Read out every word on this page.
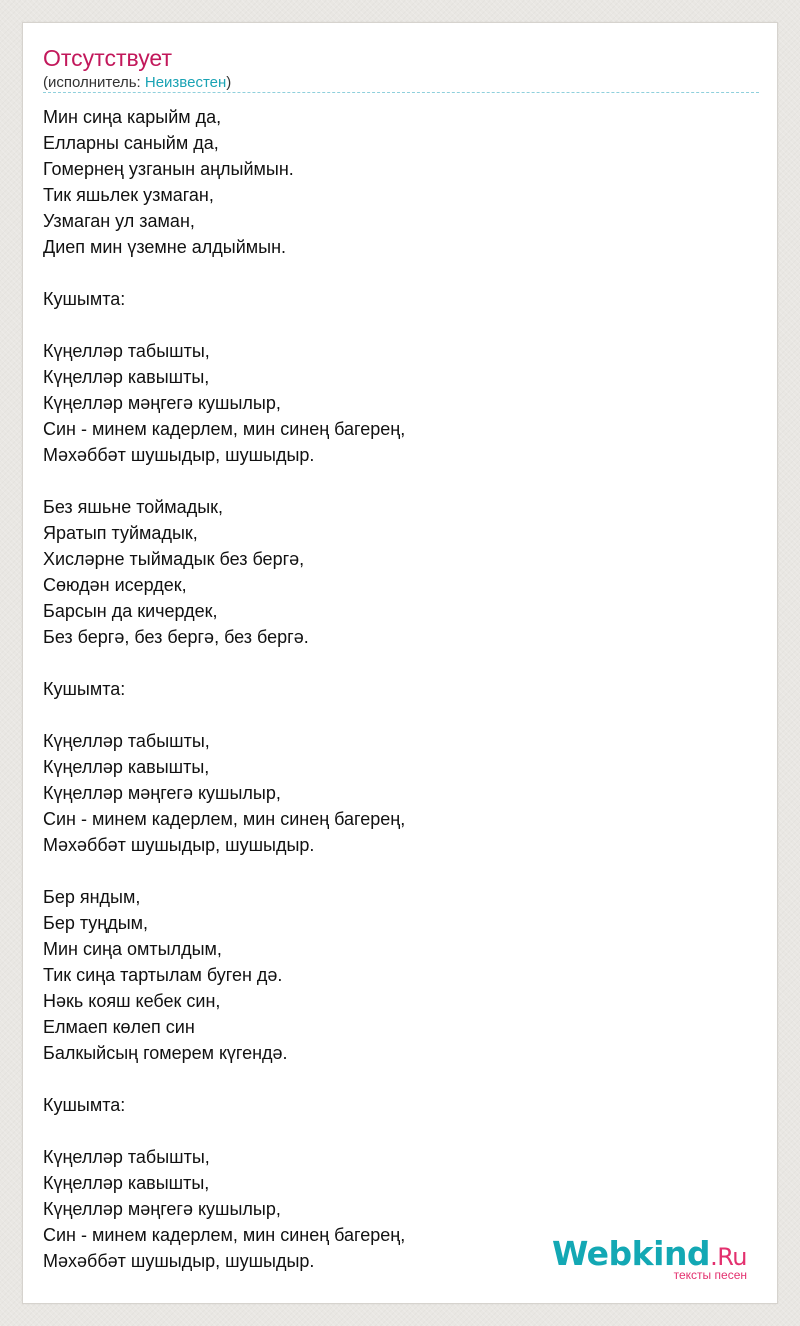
Отсутствует
(исполнитель: Неизвестен)
Мин сиңа карыйм да,
Елларны саныйм да,
Гомернең узганын аңлыймын.
Тик яшьлек узмаган,
Узмаган ул заман,
Диеп мин үземне алдыймын.
Кушымта:
Күңелләр табышты,
Күңелләр кавышты,
Күңелләр мәңгегә кушылыр,
Син - минем кадерлем, мин синең багерең,
Мәхәббәт шушыдыр, шушыдыр.
Без яшьне тоймадык,
Яратып туймадык,
Хисләрне тыймадык без бергә,
Сөюдән исердек,
Барсын да кичердек,
Без бергә, без бергә, без бергә.
Кушымта:
Күңелләр табышты,
Күңелләр кавышты,
Күңелләр мәңгегә кушылыр,
Син - минем кадерлем, мин синең багерең,
Мәхәббәт шушыдыр, шушыдыр.
Бер яндым,
Бер туңдым,
Мин сиңа омтылдым,
Тик сиңа тартылам буген дә.
Нәкь кояш кебек син,
Елмаеп көлеп син
Балкыйсың гомерем күгендә.
Кушымта:
Күңелләр табышты,
Күңелләр кавышты,
Күңелләр мәңгегә кушылыр,
Син - минем кадерлем, мин синең багерең,
Мәхәббәт шушыдыр, шушыдыр.	Webkind.Ru
тексты песен
